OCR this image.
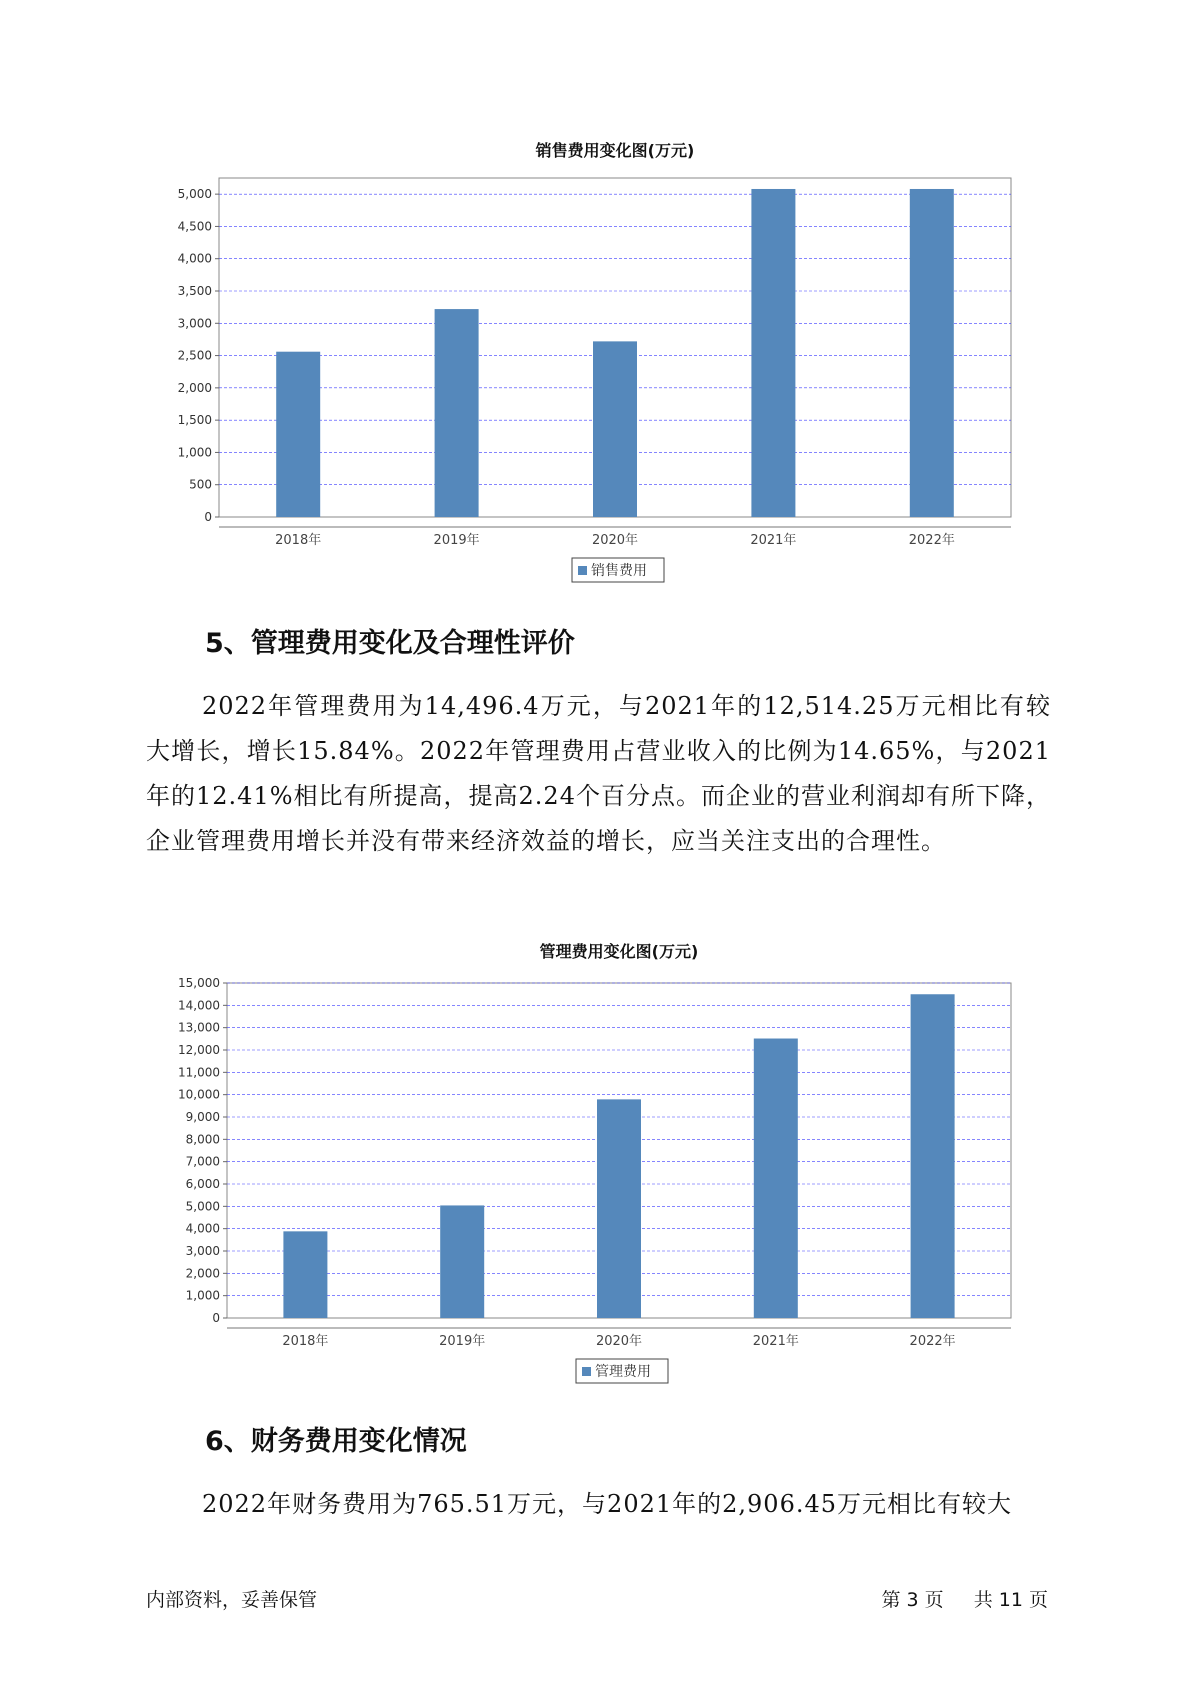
销售费用变化图(万元)
0
500
1,000
1,500
2,000
2,500
3,000
3,500
4,000
4,500
5,000
2018年	2019年	2020年	2021年	2022年
销售费用
5、管理费用变化及合理性评价

2022年管理费用为14,496.4万元，与2021年的12,514.25万元相比有较大增长，增长15.84%。2022年管理费用占营业收入的比例为14.65%，与2021年的12.41%相比有所提高，提高2.24个百分点。而企业的营业利润却有所下降，企业管理费用增长并没有带来经济效益的增长，应当关注支出的合理性。

管理费用变化图(万元)
0
1,000
2,000
3,000
4,000
5,000
6,000
7,000
8,000
9,000
10,000
11,000
12,000
13,000
14,000
15,000
2018年	2019年	2020年	2021年	2022年
管理费用
6、财务费用变化情况

2022年财务费用为765.51万元，与2021年的2,906.45万元相比有较大

内部资料，妥善保管	第 3 页 共 11 页
